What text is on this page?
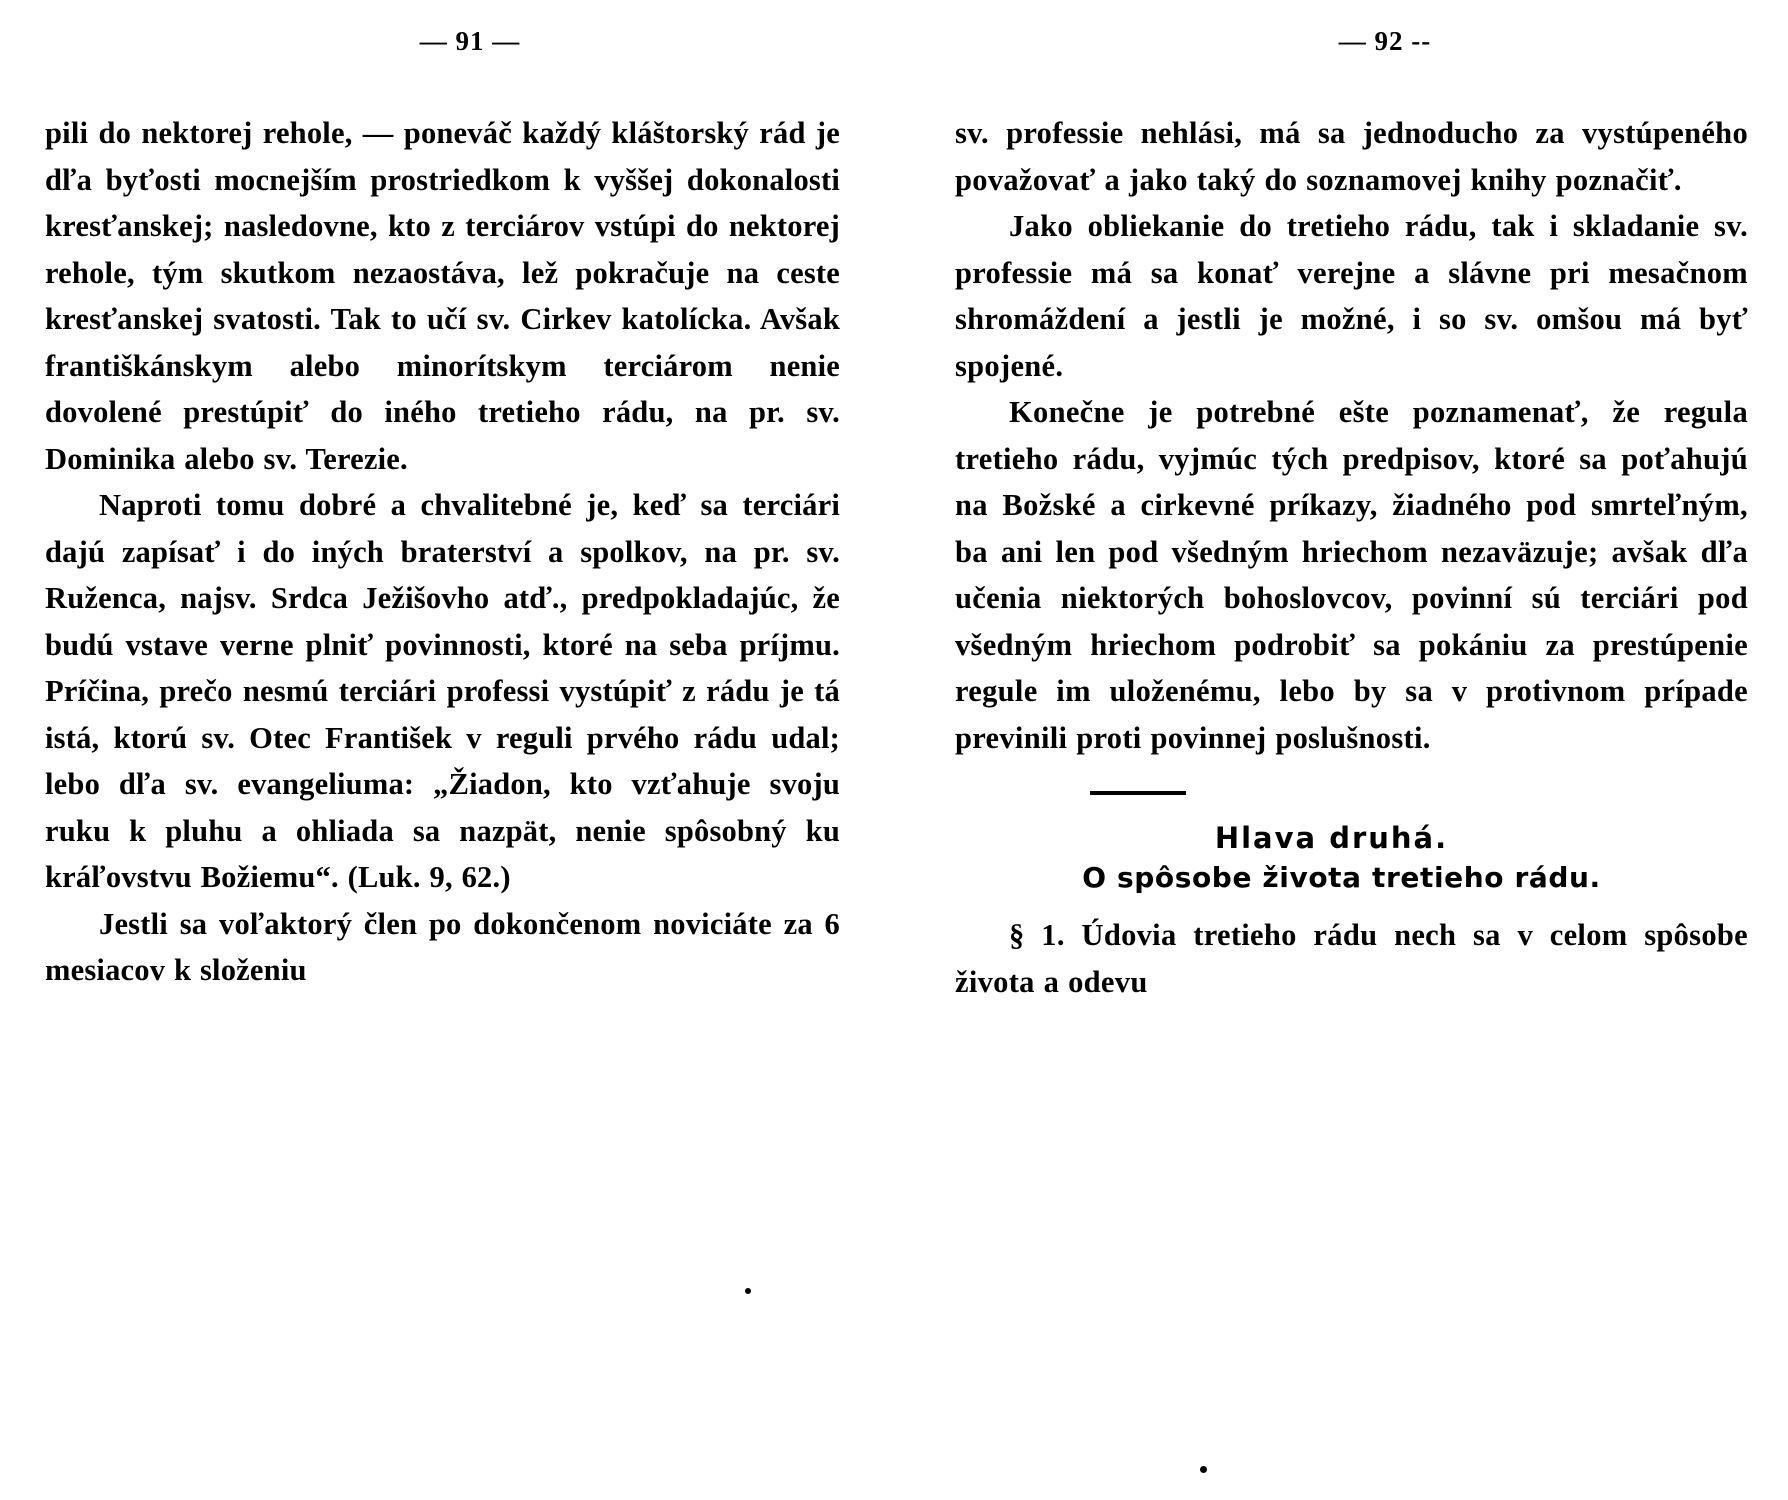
— 91 —	— 92 --

pili do nektorej rehole, — poneváč každý kláštorský rád je dľa byťosti mocnejším prostriedkom k vyššej dokonalosti kresťanskej; nasledovne, kto z terciárov vstúpi do nektorej rehole, tým skutkom nezaostáva, lež pokračuje na ceste kresťanskej svatosti. Tak to učí sv. Cirkev katolícka. Avšak františkánskym alebo minorítskym terciárom nenie dovolené prestúpiť do iného tretieho rádu, na pr. sv. Dominika alebo sv. Terezie.

Naproti tomu dobré a chvalitebné je, keď sa terciári dajú zapísať i do iných braterství a spolkov, na pr. sv. Ruženca, najsv. Srdca Ježišovho atď., predpokladajúc, že budú vstave verne plniť povinnosti, ktoré na seba príjmu. Príčina, prečo nesmú terciári professi vystúpiť z rádu je tá istá, ktorú sv. Otec František v reguli prvého rádu udal; lebo dľa sv. evangeliuma: „Žiadon, kto vzťahuje svoju ruku k pluhu a ohliada sa nazpät, nenie spôsobný ku kráľovstvu Božiemu“. (Luk. 9, 62.)

Jestli sa voľaktorý člen po dokončenom noviciáte za 6 mesiacov k složeniu

sv. professie nehlási, má sa jednoducho za vystúpeného považovať a jako taký do soznamovej knihy poznačiť.

Jako obliekanie do tretieho rádu, tak i skladanie sv. professie má sa konať verejne a slávne pri mesačnom shromáždení a jestli je možné, i so sv. omšou má byť spojené.

Konečne je potrebné ešte poznamenať, že regula tretieho rádu, vyjmúc tých predpisov, ktoré sa poťahujú na Božské a cirkevné príkazy, žiadného pod smrteľným, ba ani len pod všedným hriechom nezaväzuje; avšak dľa učenia niektorých bohoslovcov, povinní sú terciári pod všedným hriechom podrobiť sa pokániu za prestúpenie regule im uloženému, lebo by sa v protivnom prípade previnili proti povinnej poslušnosti.

Hlava druhá.
O spôsobe života tretieho rádu.

§ 1. Údovia tretieho rádu nech sa v celom spôsobe života a odevu
